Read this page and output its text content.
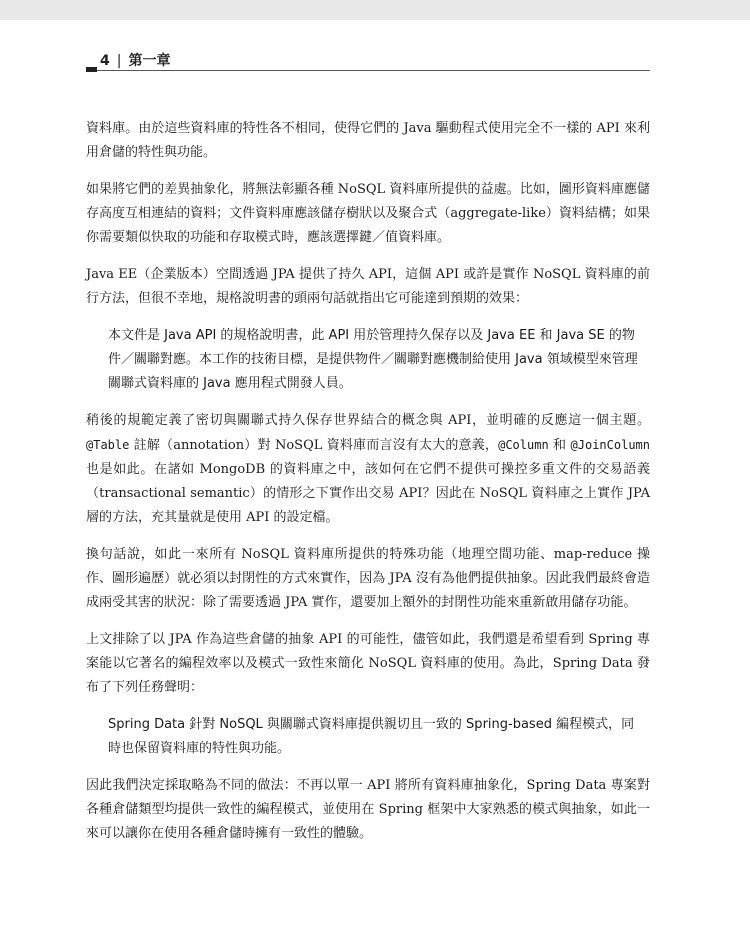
4 | 第一章

資料庫。由於這些資料庫的特性各不相同，使得它們的 Java 驅動程式使用完全不一樣的 API 來利用倉儲的特性與功能。

如果將它們的差異抽象化，將無法彰顯各種 NoSQL 資料庫所提供的益處。比如，圖形資料庫應儲存高度互相連結的資料；文件資料庫應該儲存樹狀以及聚合式（aggregate-like）資料結構；如果你需要類似快取的功能和存取模式時，應該選擇鍵／值資料庫。

Java EE（企業版本）空間透過 JPA 提供了持久 API，這個 API 或許是實作 NoSQL 資料庫的前行方法，但很不幸地，規格說明書的頭兩句話就指出它可能達到預期的效果：

本文件是 Java API 的規格說明書，此 API 用於管理持久保存以及 Java EE 和 Java SE 的物件／關聯對應。本工作的技術目標，是提供物件／關聯對應機制給使用 Java 領域模型來管理關聯式資料庫的 Java 應用程式開發人員。

稍後的規範定義了密切與關聯式持久保存世界結合的概念與 API，並明確的反應這一個主題。@Table 註解（annotation）對 NoSQL 資料庫而言沒有太大的意義，@Column 和 @JoinColumn 也是如此。在諸如 MongoDB 的資料庫之中，該如何在它們不提供可操控多重文件的交易語義（transactional semantic）的情形之下實作出交易 API？因此在 NoSQL 資料庫之上實作 JPA 層的方法，充其量就是使用 API 的設定檔。

換句話說，如此一來所有 NoSQL 資料庫所提供的特殊功能（地理空間功能、map-reduce 操作、圖形遍歷）就必須以封閉性的方式來實作，因為 JPA 沒有為他們提供抽象。因此我們最終會造成兩受其害的狀況：除了需要透過 JPA 實作，還要加上額外的封閉性功能來重新啟用儲存功能。

上文排除了以 JPA 作為這些倉儲的抽象 API 的可能性，儘管如此，我們還是希望看到 Spring 專案能以它著名的編程效率以及模式一致性來簡化 NoSQL 資料庫的使用。為此，Spring Data 發布了下列任務聲明：

Spring Data 針對 NoSQL 與關聯式資料庫提供親切且一致的 Spring-based 編程模式，同時也保留資料庫的特性與功能。

因此我們決定採取略為不同的做法：不再以單一 API 將所有資料庫抽象化，Spring Data 專案對各種倉儲類型均提供一致性的編程模式，並使用在 Spring 框架中大家熟悉的模式與抽象，如此一來可以讓你在使用各種倉儲時擁有一致性的體驗。
